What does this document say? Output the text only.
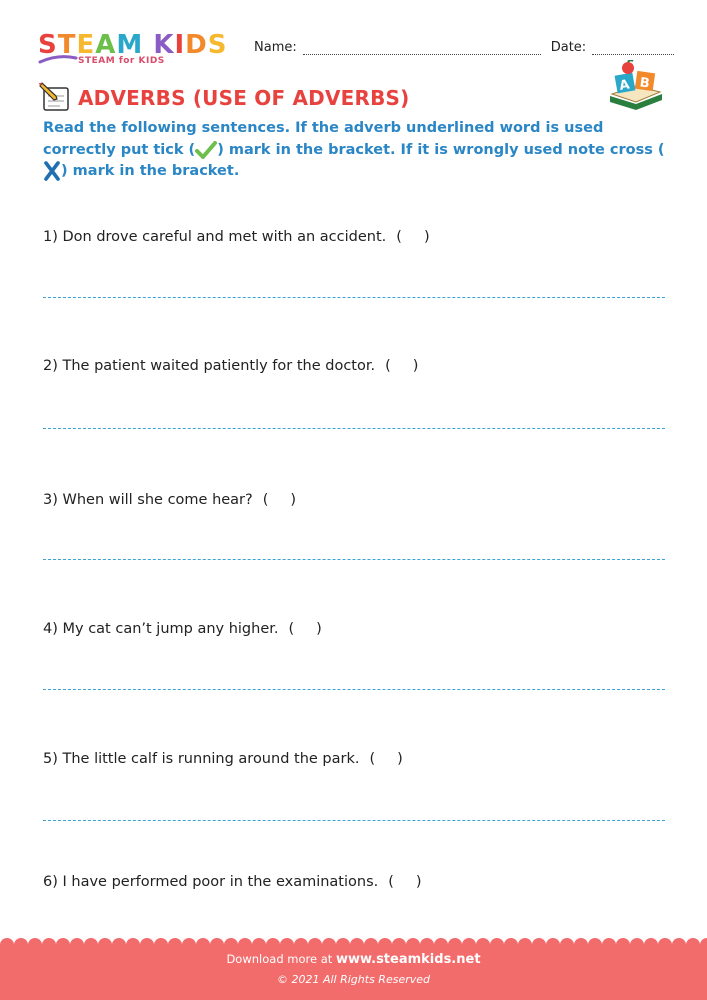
STEAM KIDS
STEAM for KIDS
Name:	Date:
ADVERBS (USE OF ADVERBS)
A B
Read the following sentences. If the adverb underlined word is used correctly put tick ( ) mark in the bracket. If it is wrongly used note cross () mark in the bracket.
1) Don drove careful and met with an accident. ( )
2) The patient waited patiently for the doctor. ( )
3) When will she come hear? ( )
4) My cat can’t jump any higher. ( )
5) The little calf is running around the park. ( )
6) I have performed poor in the examinations. ( )
Download more at www.steamkids.net
© 2021 All Rights Reserved
